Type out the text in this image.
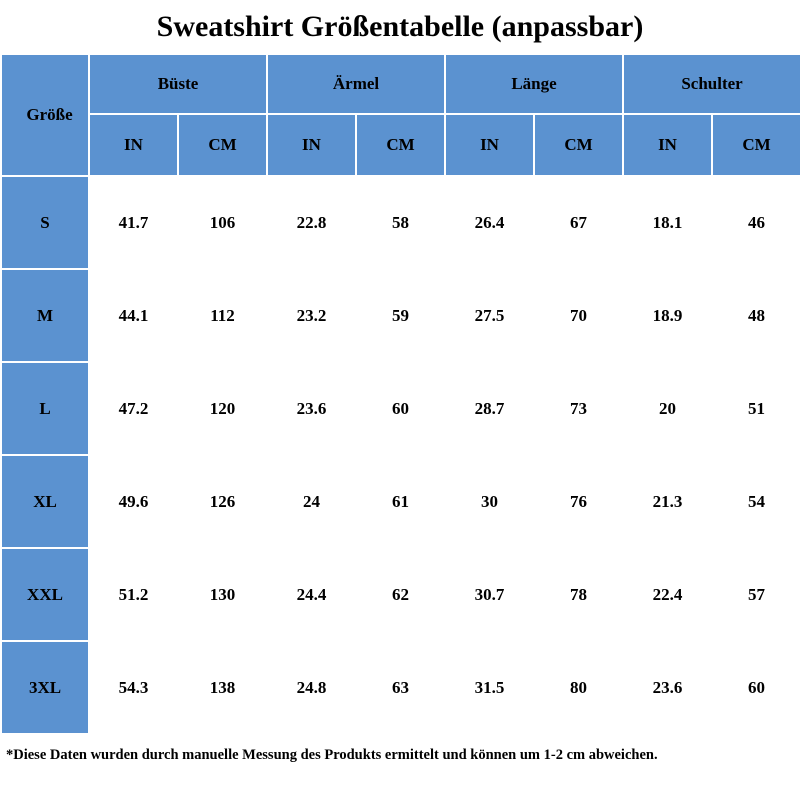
Sweatshirt Größentabelle (anpassbar)
Größe	Büste		Ärmel		Länge		Schulter	
	IN	CM	IN	CM	IN	CM	IN	CM
S	41.7	106	22.8	58	26.4	67	18.1	46
M	44.1	112	23.2	59	27.5	70	18.9	48
L	47.2	120	23.6	60	28.7	73	20	51
XL	49.6	126	24	61	30	76	21.3	54
XXL	51.2	130	24.4	62	30.7	78	22.4	57
3XL	54.3	138	24.8	63	31.5	80	23.6	60
*Diese Daten wurden durch manuelle Messung des Produkts ermittelt und können um 1-2 cm abweichen.
